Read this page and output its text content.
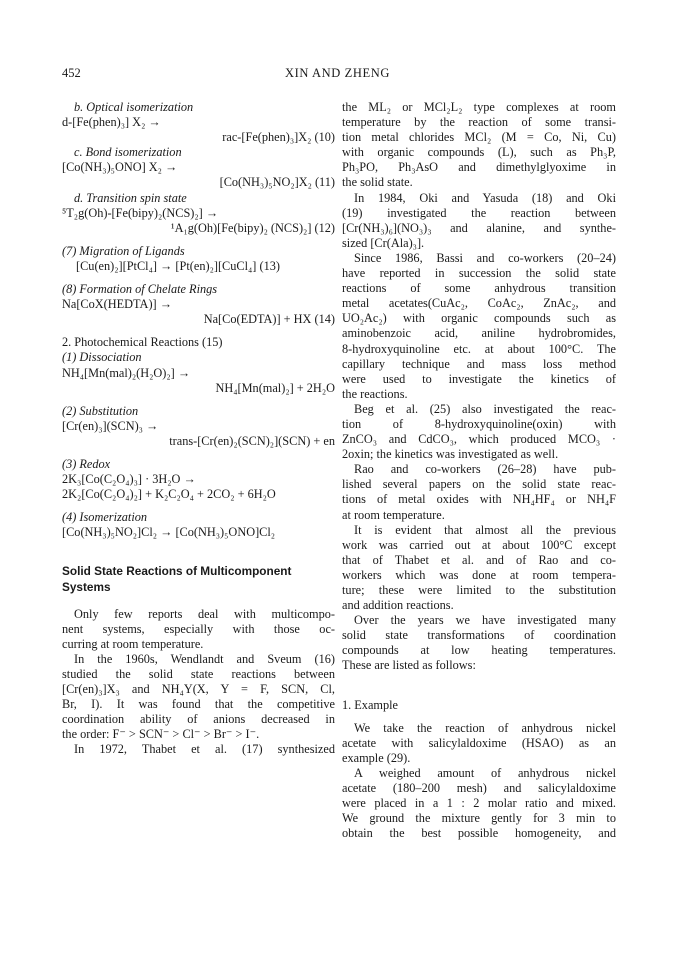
452	XIN AND ZHENG
b. Optical isomerization
d-[Fe(phen)₃] X₂ →
rac-[Fe(phen)₃]X₂ (10)
c. Bond isomerization
[Co(NH₃)₅ONO] X₂ →
[Co(NH₃)₅NO₂]X₂ (11)
d. Transition spin state
⁵T₂g(Oh)-[Fe(bipy)₂(NCS)₂] →
¹A₁g(Oh)[Fe(bipy)₂ (NCS)₂] (12)
(7) Migration of Ligands
[Cu(en)₂][PtCl₄] → [Pt(en)₂][CuCl₄] (13)
(8) Formation of Chelate Rings
Na[CoX(HEDTA)] →
Na[Co(EDTA)] + HX (14)
2. Photochemical Reactions (15)
(1) Dissociation
NH₄[Mn(mal)₂(H₂O)₂] →
NH₄[Mn(mal)₂] + 2H₂O
(2) Substitution
[Cr(en)₃](SCN)₃ →
trans-[Cr(en)₂(SCN)₂](SCN) + en
(3) Redox
2K₃[Co(C₂O₄)₃] · 3H₂O →
2K₂[Co(C₂O₄)₂] + K₂C₂O₄ + 2CO₂ + 6H₂O
(4) Isomerization
[Co(NH₃)₅NO₂]Cl₂ → [Co(NH₃)₅ONO]Cl₂
Solid State Reactions of Multicomponent
Systems
Only few reports deal with multicompo-
nent systems, especially with those oc-
curring at room temperature.
In the 1960s, Wendlandt and Sveum (16)
studied the solid state reactions between
[Cr(en)₃]X₃ and NH₄Y(X, Y = F, SCN, Cl,
Br, I). It was found that the competitive
coordination ability of anions decreased in
the order: F⁻ > SCN⁻ > Cl⁻ > Br⁻ > I⁻.
In 1972, Thabet et al. (17) synthesized
the ML₂ or MCl₂L₂ type complexes at room
temperature by the reaction of some transi-
tion metal chlorides MCl₂ (M = Co, Ni, Cu)
with organic compounds (L), such as Ph₃P,
Ph₃PO, Ph₃AsO and dimethylglyoxime in
the solid state.
In 1984, Oki and Yasuda (18) and Oki
(19) investigated the reaction between
[Cr(NH₃)₆](NO₃)₃ and alanine, and synthe-
sized [Cr(Ala)₃].
Since 1986, Bassi and co-workers (20–24)
have reported in succession the solid state
reactions of some anhydrous transition
metal acetates(CuAc₂, CoAc₂, ZnAc₂, and
UO₂Ac₂) with organic compounds such as
aminobenzoic acid, aniline hydrobromides,
8-hydroxyquinoline etc. at about 100°C. The
capillary technique and mass loss method
were used to investigate the kinetics of
the reactions.
Beg et al. (25) also investigated the reac-
tion of 8-hydroxyquinoline(oxin) with
ZnCO₃ and CdCO₃, which produced MCO₃ ·
2oxin; the kinetics was investigated as well.
Rao and co-workers (26–28) have pub-
lished several papers on the solid state reac-
tions of metal oxides with NH₄HF₄ or NH₄F
at room temperature.
It is evident that almost all the previous
work was carried out at about 100°C except
that of Thabet et al. and of Rao and co-
workers which was done at room tempera-
ture; these were limited to the substitution
and addition reactions.
Over the years we have investigated many
solid state transformations of coordination
compounds at low heating temperatures.
These are listed as follows:
1. Example
We take the reaction of anhydrous nickel
acetate with salicylaldoxime (HSAO) as an
example (29).
A weighed amount of anhydrous nickel
acetate (180–200 mesh) and salicylaldoxime
were placed in a 1 : 2 molar ratio and mixed.
We ground the mixture gently for 3 min to
obtain the best possible homogeneity, and
